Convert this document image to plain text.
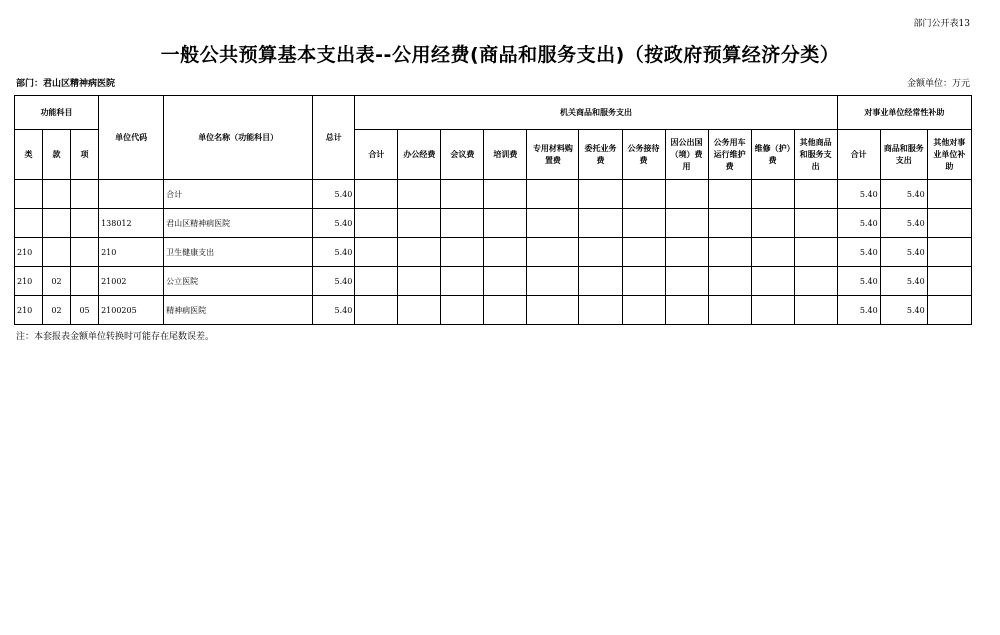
部门公开表13
一般公共预算基本支出表--公用经费(商品和服务支出)（按政府预算经济分类）
部门：君山区精神病医院	金额单位：万元
功能科目			单位代码	单位名称（功能科目）	总计	机关商品和服务支出											对事业单位经常性补助		
类	款	项				合计	办公经费	会议费	培训费	专用材料购置费	委托业务费	公务接待费	因公出国（境）费用	公务用车运行维护费	维修（护）费	其他商品和服务支出	合计	商品和服务支出	其他对事业单位补助
				合计	5.40												5.40	5.40	
			138012	君山区精神病医院	5.40												5.40	5.40	
210			210	卫生健康支出	5.40												5.40	5.40	
210	02		21002	公立医院	5.40												5.40	5.40	
210	02	05	2100205	精神病医院	5.40												5.40	5.40	
注：本套报表金额单位转换时可能存在尾数误差。
